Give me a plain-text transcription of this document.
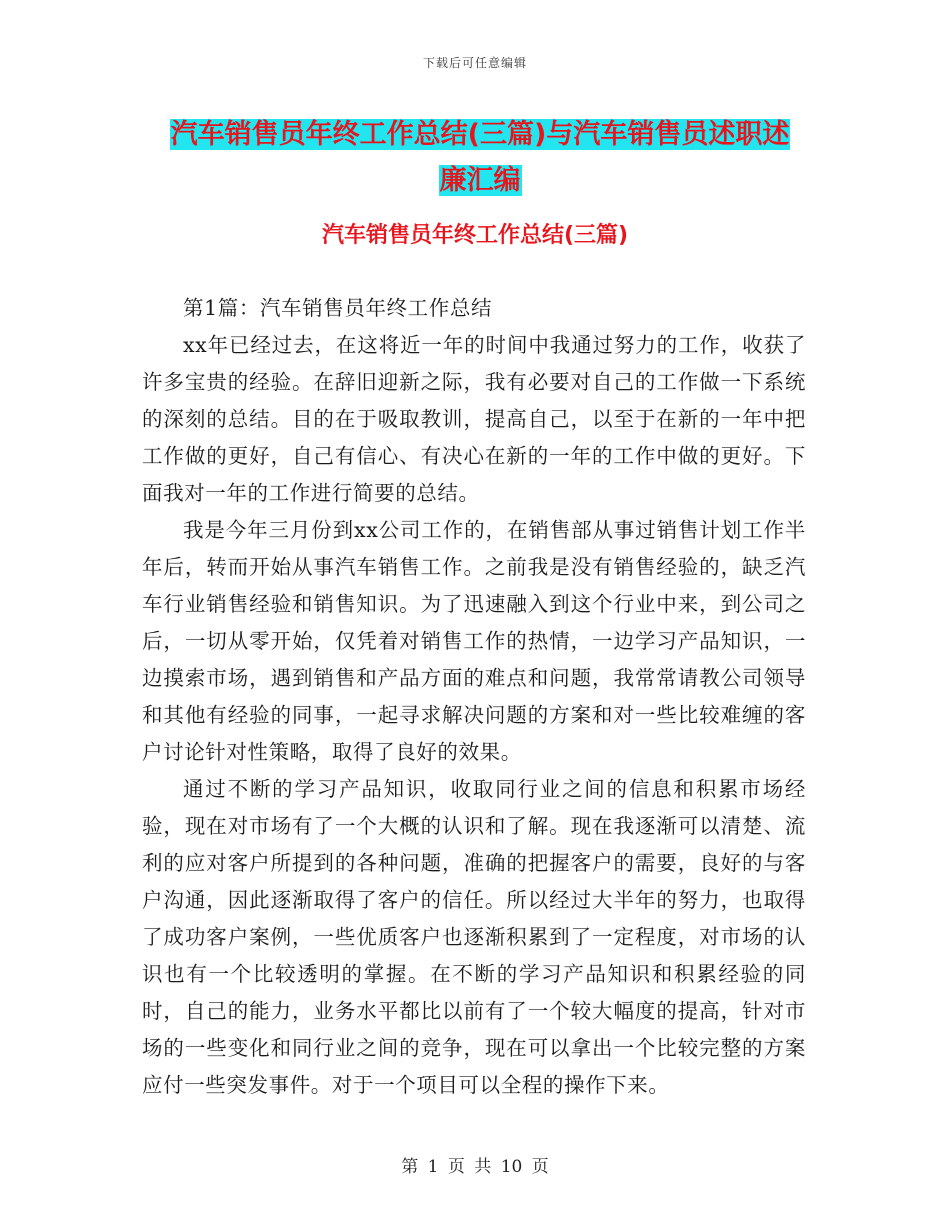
下载后可任意编辑
汽车销售员年终工作总结(三篇)与汽车销售员述职述
廉汇编
汽车销售员年终工作总结(三篇)

第1篇：汽车销售员年终工作总结

xx年已经过去，在这将近一年的时间中我通过努力的工作，收获了许多宝贵的经验。在辞旧迎新之际，我有必要对自己的工作做一下系统的深刻的总结。目的在于吸取教训，提高自己，以至于在新的一年中把工作做的更好，自己有信心、有决心在新的一年的工作中做的更好。下面我对一年的工作进行简要的总结。

我是今年三月份到xx公司工作的，在销售部从事过销售计划工作半年后，转而开始从事汽车销售工作。之前我是没有销售经验的，缺乏汽车行业销售经验和销售知识。为了迅速融入到这个行业中来，到公司之后，一切从零开始，仅凭着对销售工作的热情，一边学习产品知识，一边摸索市场，遇到销售和产品方面的难点和问题，我常常请教公司领导和其他有经验的同事，一起寻求解决问题的方案和对一些比较难缠的客户讨论针对性策略，取得了良好的效果。

通过不断的学习产品知识，收取同行业之间的信息和积累市场经验，现在对市场有了一个大概的认识和了解。现在我逐渐可以清楚、流利的应对客户所提到的各种问题，准确的把握客户的需要，良好的与客户沟通，因此逐渐取得了客户的信任。所以经过大半年的努力，也取得了成功客户案例，一些优质客户也逐渐积累到了一定程度，对市场的认识也有一个比较透明的掌握。在不断的学习产品知识和积累经验的同时，自己的能力，业务水平都比以前有了一个较大幅度的提高，针对市场的一些变化和同行业之间的竞争，现在可以拿出一个比较完整的方案应付一些突发事件。对于一个项目可以全程的操作下来。

第 1 页 共 10 页
